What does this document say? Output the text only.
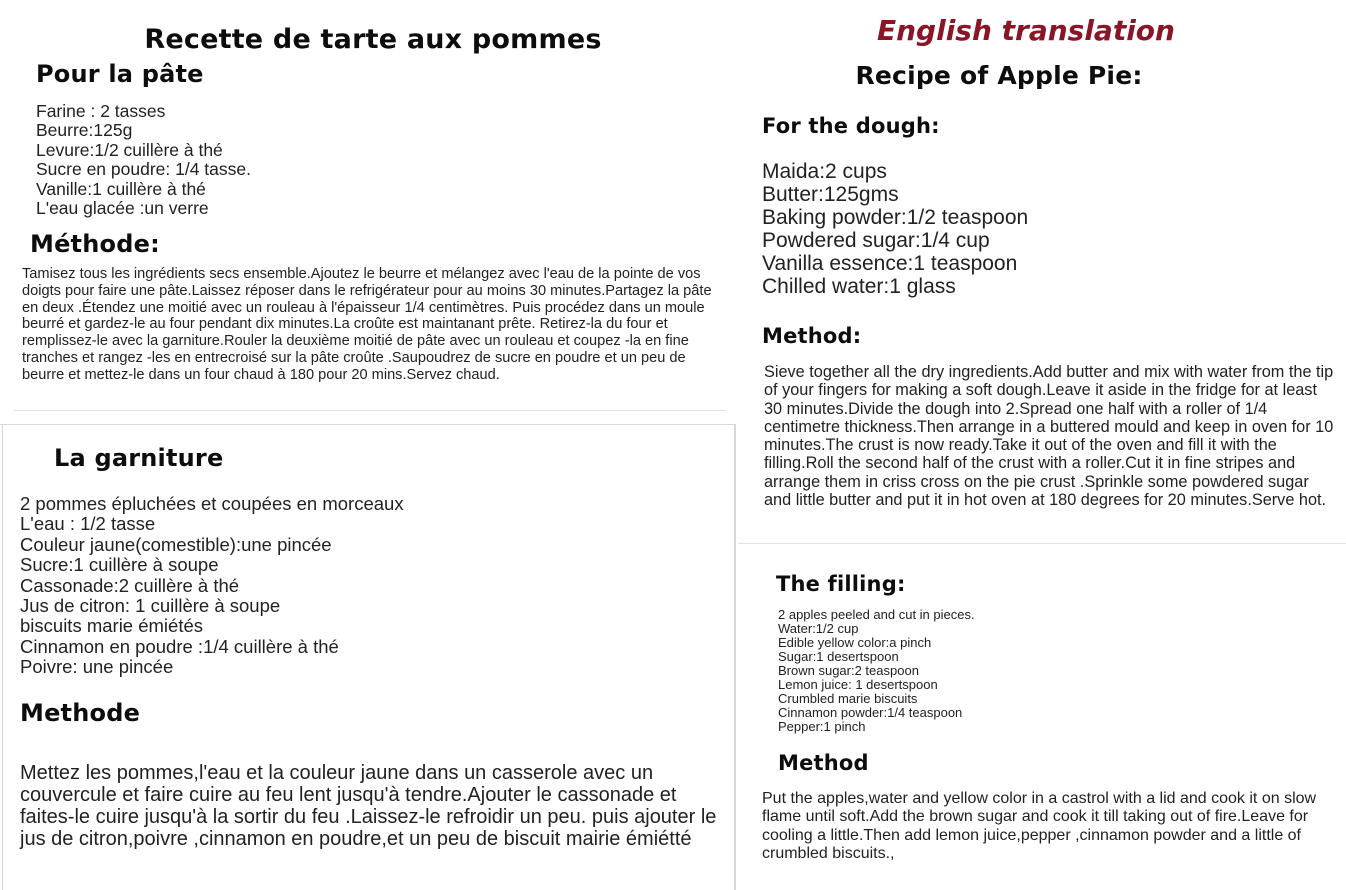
Recette de tarte aux pommes
Pour la pâte
Farine : 2 tasses
Beurre:125g
Levure:1/2 cuillère à thé
Sucre en poudre: 1/4 tasse.
Vanille:1 cuillère à thé
L'eau glacée :un verre
Méthode:
Tamisez tous les ingrédients secs ensemble.Ajoutez le beurre et mélangez avec l'eau de la pointe de vos doigts pour faire une pâte.Laissez réposer dans le refrigérateur pour au moins 30 minutes.Partagez la pâte en deux .Étendez une moitié avec un rouleau à l'épaisseur 1/4 centimètres. Puis procédez dans un moule beurré et gardez-le au four pendant dix minutes.La croûte est maintanant prête. Retirez-la du four et remplissez-le avec la garniture.Rouler la deuxième moitié de pâte avec un rouleau et coupez -la en fine tranches et rangez -les en entrecroisé sur la pâte croûte .Saupoudrez de sucre en poudre et un peu de beurre et mettez-le dans un four chaud à 180 pour 20 mins.Servez chaud.
La garniture
2 pommes épluchées et coupées en morceaux
L'eau : 1/2 tasse
Couleur jaune(comestible):une pincée
Sucre:1 cuillère à soupe
Cassonade:2 cuillère à thé
Jus de citron: 1 cuillère à soupe
biscuits marie émiétés
Cinnamon en poudre :1/4 cuillère à thé
Poivre: une pincée
Methode
Mettez les pommes,l'eau et la couleur jaune dans un casserole avec un couvercule et faire cuire au feu lent jusqu'à tendre.Ajouter le cassonade et faites-le cuire jusqu'à la sortir du feu .Laissez-le refroidir un peu. puis ajouter le jus de citron,poivre ,cinnamon en poudre,et un peu de biscuit mairie émiétté
English translation
Recipe of Apple Pie:
For the dough:
Maida:2 cups
Butter:125gms
Baking powder:1/2 teaspoon
Powdered sugar:1/4 cup
Vanilla essence:1 teaspoon
Chilled water:1 glass
Method:
Sieve together all the dry ingredients.Add butter and mix with water from the tip of your fingers for making a soft dough.Leave it aside in the fridge for at least 30 minutes.Divide the dough into 2.Spread one half with a roller of 1/4 centimetre thickness.Then arrange in a buttered mould and keep in oven for 10 minutes.The crust is now ready.Take it out of the oven and fill it with the filling.Roll the second half of the crust with a roller.Cut it in fine stripes and arrange them in criss cross on the pie crust .Sprinkle some powdered sugar and little butter and put it in hot oven at 180 degrees for 20 minutes.Serve hot.
The filling:
2 apples peeled and cut in pieces.
Water:1/2 cup
Edible yellow color:a pinch
Sugar:1 desertspoon
Brown sugar:2 teaspoon
Lemon juice: 1 desertspoon
Crumbled marie biscuits
Cinnamon powder:1/4 teaspoon
Pepper:1 pinch
Method
Put the apples,water and yellow color in a castrol with a lid and cook it on slow flame until soft.Add the brown sugar and cook it till taking out of fire.Leave for cooling a little.Then add lemon juice,pepper ,cinnamon powder and a little of crumbled biscuits.,
